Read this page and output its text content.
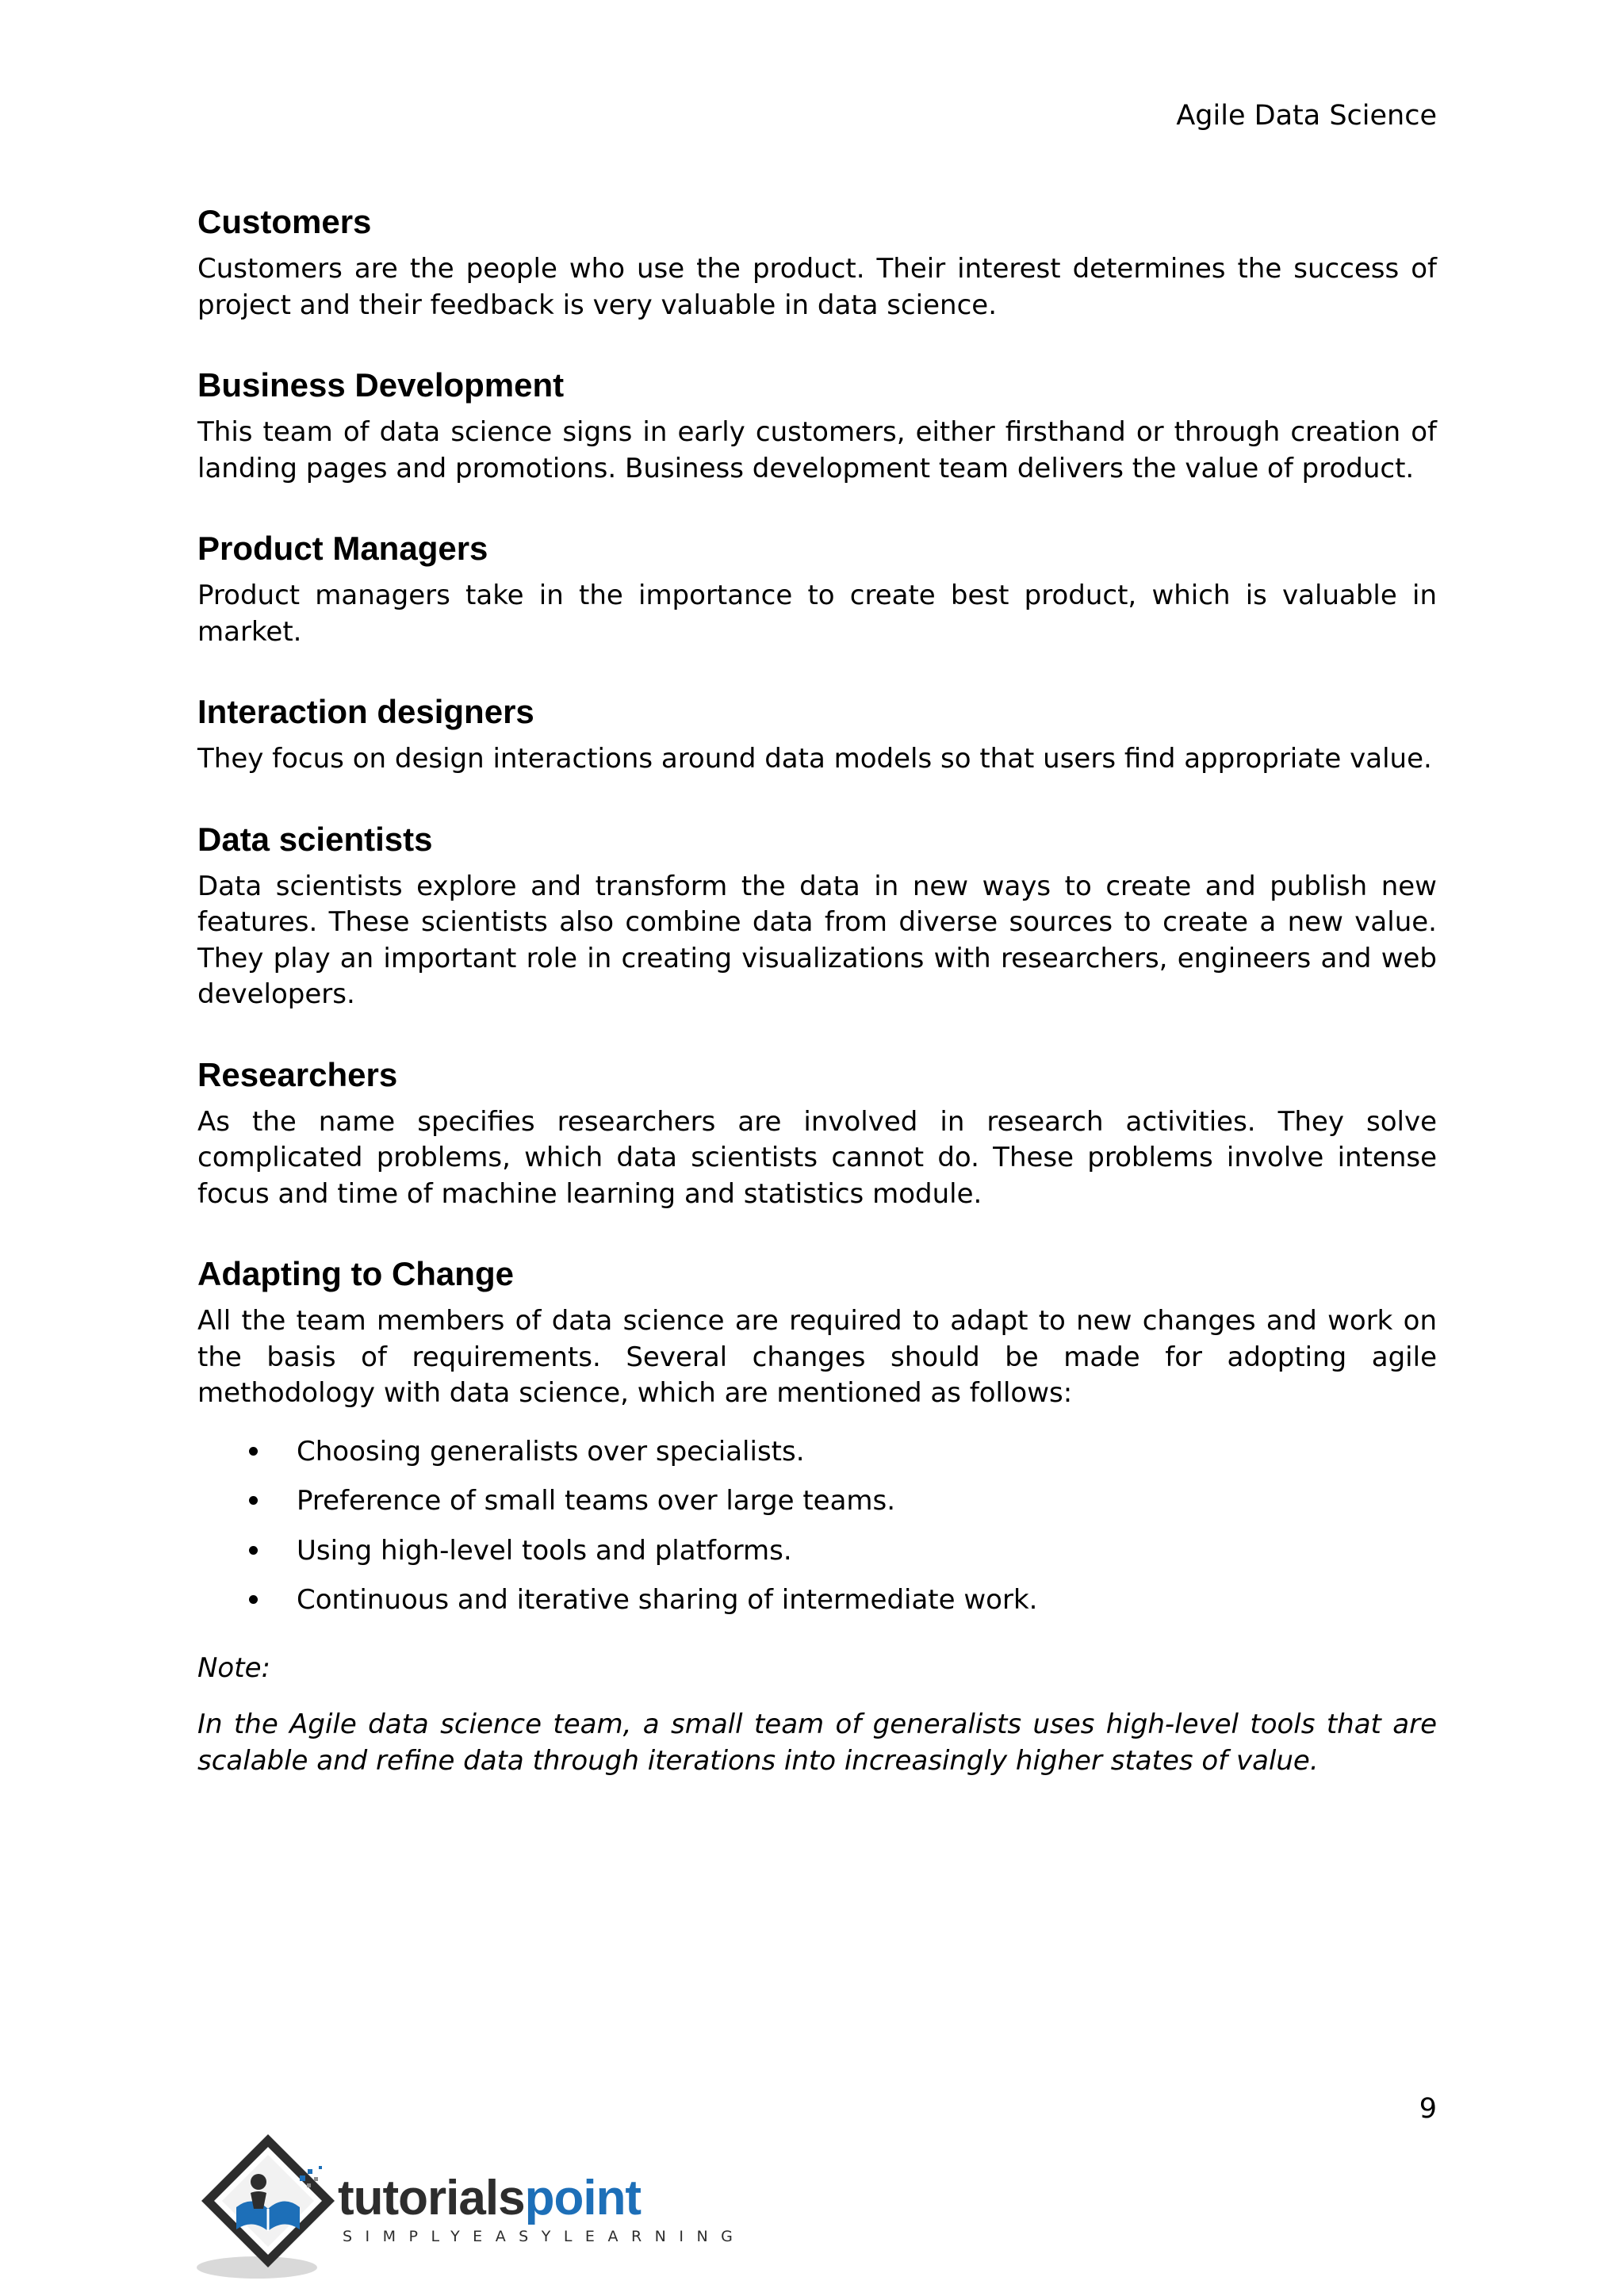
Agile Data Science
Customers

Customers are the people who use the product. Their interest determines the success of project and their feedback is very valuable in data science.

Business Development

This team of data science signs in early customers, either firsthand or through creation of landing pages and promotions. Business development team delivers the value of product.

Product Managers

Product managers take in the importance to create best product, which is valuable in market.

Interaction designers

They focus on design interactions around data models so that users find appropriate value.

Data scientists

Data scientists explore and transform the data in new ways to create and publish new features. These scientists also combine data from diverse sources to create a new value. They play an important role in creating visualizations with researchers, engineers and web developers.

Researchers

As the name specifies researchers are involved in research activities. They solve complicated problems, which data scientists cannot do. These problems involve intense focus and time of machine learning and statistics module.

Adapting to Change

All the team members of data science are required to adapt to new changes and work on the basis of requirements. Several changes should be made for adopting agile methodology with data science, which are mentioned as follows:

Choosing generalists over specialists.
Preference of small teams over large teams.
Using high-level tools and platforms.
Continuous and iterative sharing of intermediate work.

Note:

In the Agile data science team, a small team of generalists uses high-level tools that are scalable and refine data through iterations into increasingly higher states of value.

9
tutorialspoint
SIMPLYEASYLEARNING
